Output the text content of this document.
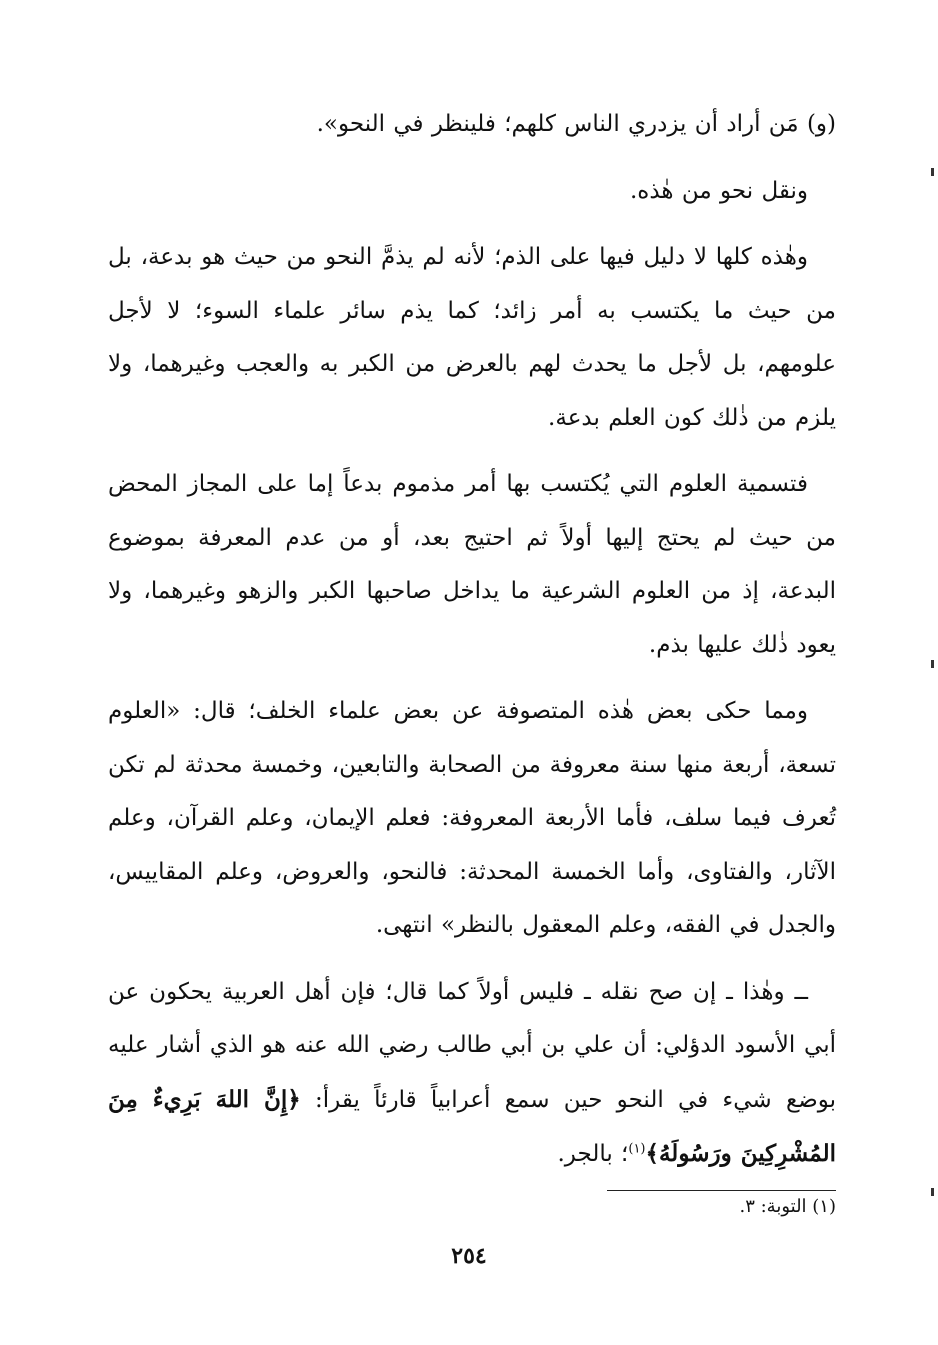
(و) مَن أراد أن يزدري الناس كلهم؛ فلينظر في النحو».

ونقل نحو من هٰذه.

وهٰذه كلها لا دليل فيها على الذم؛ لأنه لم يذمَّ النحو من حيث هو بدعة، بل من حيث ما يكتسب به أمر زائد؛ كما يذم سائر علماء السوء؛ لا لأجل علومهم، بل لأجل ما يحدث لهم بالعرض من الكبر به والعجب وغيرهما، ولا يلزم من ذٰلك كون العلم بدعة.

فتسمية العلوم التي يُكتسب بها أمر مذموم بدعاً إما على المجاز المحض من حيث لم يحتج إليها أولاً ثم احتيج بعد، أو من عدم المعرفة بموضوع البدعة، إذ من العلوم الشرعية ما يداخل صاحبها الكبر والزهو وغيرهما، ولا يعود ذٰلك عليها بذم.

ومما حكى بعض هٰذه المتصوفة عن بعض علماء الخلف؛ قال: «العلوم تسعة، أربعة منها سنة معروفة من الصحابة والتابعين، وخمسة محدثة لم تكن تُعرف فيما سلف، فأما الأربعة المعروفة: فعلم الإيمان، وعلم القرآن، وعلم الآثار، والفتاوى، وأما الخمسة المحدثة: فالنحو، والعروض، وعلم المقاييس، والجدل في الفقه، وعلم المعقول بالنظر» انتهى.

ــ وهٰذا ـ إن صح نقله ـ فليس أولاً كما قال؛ فإن أهل العربية يحكون عن أبي الأسود الدؤلي: أن علي بن أبي طالب رضي الله عنه هو الذي أشار عليه بوضع شيء في النحو حين سمع أعرابياً قارئاً يقرأ: ﴿إِنَّ اللهَ بَرِيءٌ مِنَ المُشْرِكِينَ ورَسُولَهُ﴾$^{(١)}$؛ بالجر.

(١) التوبة: ٣.
٢٥٤
